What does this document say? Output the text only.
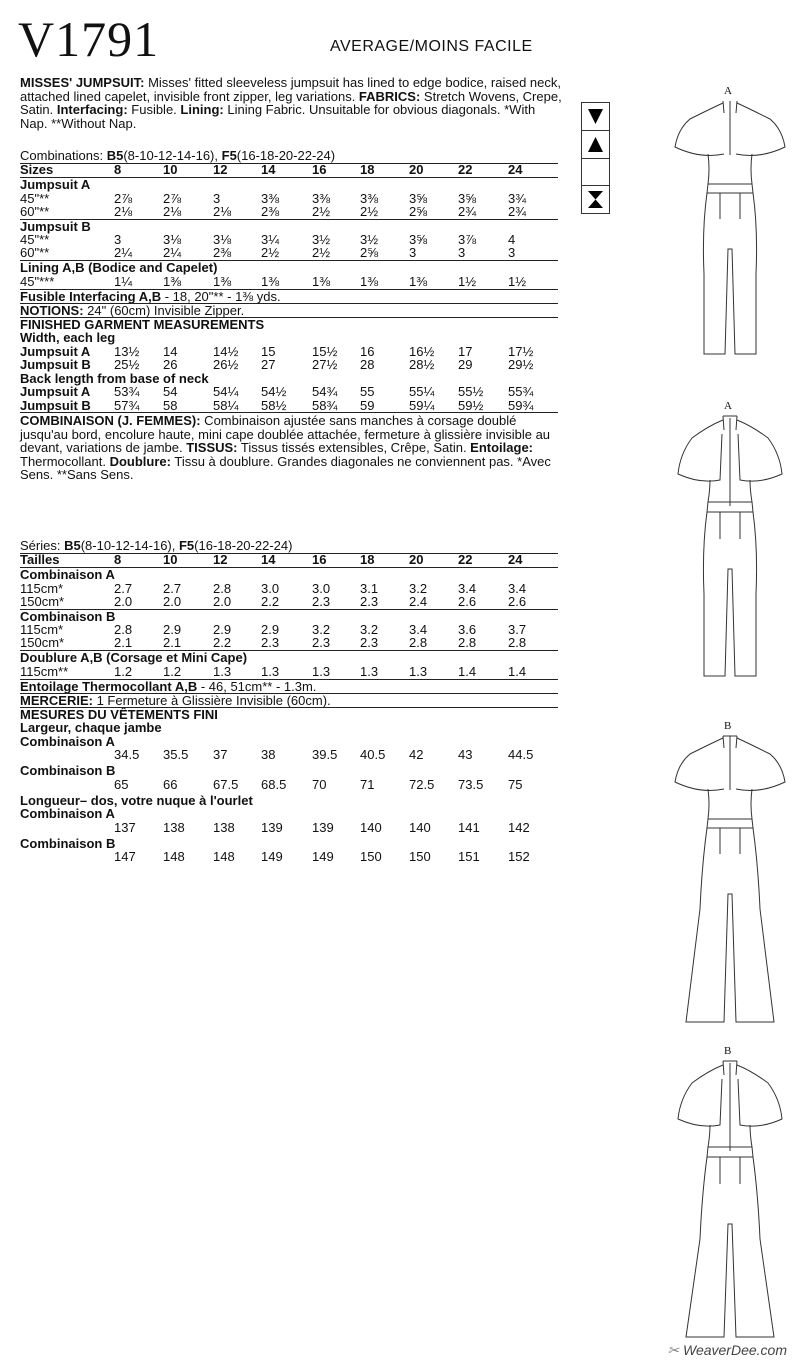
V1791	AVERAGE/MOINS FACILE
MISSES' JUMPSUIT: Misses' fitted sleeveless jumpsuit has lined to edge bodice, raised neck, attached lined capelet, invisible front zipper, leg variations. FABRICS: Stretch Wovens, Crepe, Satin. Interfacing: Fusible. Lining: Lining Fabric. Unsuitable for obvious diagonals. *With Nap. **Without Nap.
Combinations: B5(8-10-12-14-16), F5(16-18-20-22-24)
Sizes	8	10	12	14	16	18	20	22	24
Jumpsuit A
45"**	2⅞ 2⅞ 3	3⅜	3⅜ 3⅜ 3⅝ 3⅝ 3¾
60"**	2⅛ 2⅛ 2⅛ 2⅜	2½ 2½ 2⅝ 2¾ 2¾
Jumpsuit B
45"**	3	3⅛ 3⅛ 3¼	3½ 3½ 3⅝ 3⅞ 4
60"**	2¼ 2¼ 2⅜ 2½	2½ 2⅝ 3	3	3
Lining A,B (Bodice and Capelet)
45"***	1¼ 1⅜ 1⅜ 1⅜	1⅜ 1⅜ 1⅜ 1½ 1½
Fusible Interfacing A,B - 18, 20"** - 1⅜ yds.
NOTIONS: 24" (60cm) Invisible Zipper.
FINISHED GARMENT MEASUREMENTS
Width, each leg
Jumpsuit A 13½ 14	14½ 15	15½ 16	16½ 17	17½
Jumpsuit B 25½ 26	26½ 27	27½ 28	28½ 29	29½
Back length from base of neck
Jumpsuit A 53¾ 54	54¼ 54½ 54¾ 55	55¼ 55½ 55¾
Jumpsuit B 57¾ 58	58¼ 58½ 58¾ 59	59¼ 59½ 59¾
COMBINAISON (J. FEMMES): Combinaison ajustée sans manches à corsage doublé jusqu'au bord, encolure haute, mini cape doublée attachée, fermeture à glissière invisible au devant, variations de jambe. TISSUS: Tissus tissés extensibles, Crêpe, Satin. Entoilage: Thermocollant. Doublure: Tissu à doublure. Grandes diagonales ne conviennent pas. *Avec Sens. **Sans Sens.
Séries: B5(8-10-12-14-16), F5(16-18-20-22-24)
Tailles	8	10	12	14	16	18	20	22	24
Combinaison A
115cm*	2.7 2.7 2.8 3.0	3.0 3.1 3.2 3.4 3.4
150cm*	2.0 2.0 2.0 2.2	2.3 2.3 2.4 2.6 2.6
Combinaison B
115cm*	2.8 2.9 2.9 2.9	3.2 3.2 3.4 3.6 3.7
150cm*	2.1 2.1 2.2 2.3	2.3 2.3 2.8 2.8 2.8
Doublure A,B (Corsage et Mini Cape)
115cm**	1.2 1.2 1.3 1.3	1.3 1.3 1.3 1.4 1.4
Entoilage Thermocollant A,B - 46, 51cm** - 1.3m.
MERCERIE: 1 Fermeture à Glissière Invisible (60cm).
MESURES DU VÊTEMENTS FINI
Largeur, chaque jambe
Combinaison A
34.5 35.5 37	38	39.5 40.5 42	43	44.5
Combinaison B
65	66	67.5 68.5 70	71	72.5 73.5 75
Longueur– dos, votre nuque à l'ourlet
Combinaison A
137 138 138 139 139 140 140 141 142
Combinaison B
147 148 148 149 149 150 150 151 152
A
A
B
B
✂ WeaverDee.com
